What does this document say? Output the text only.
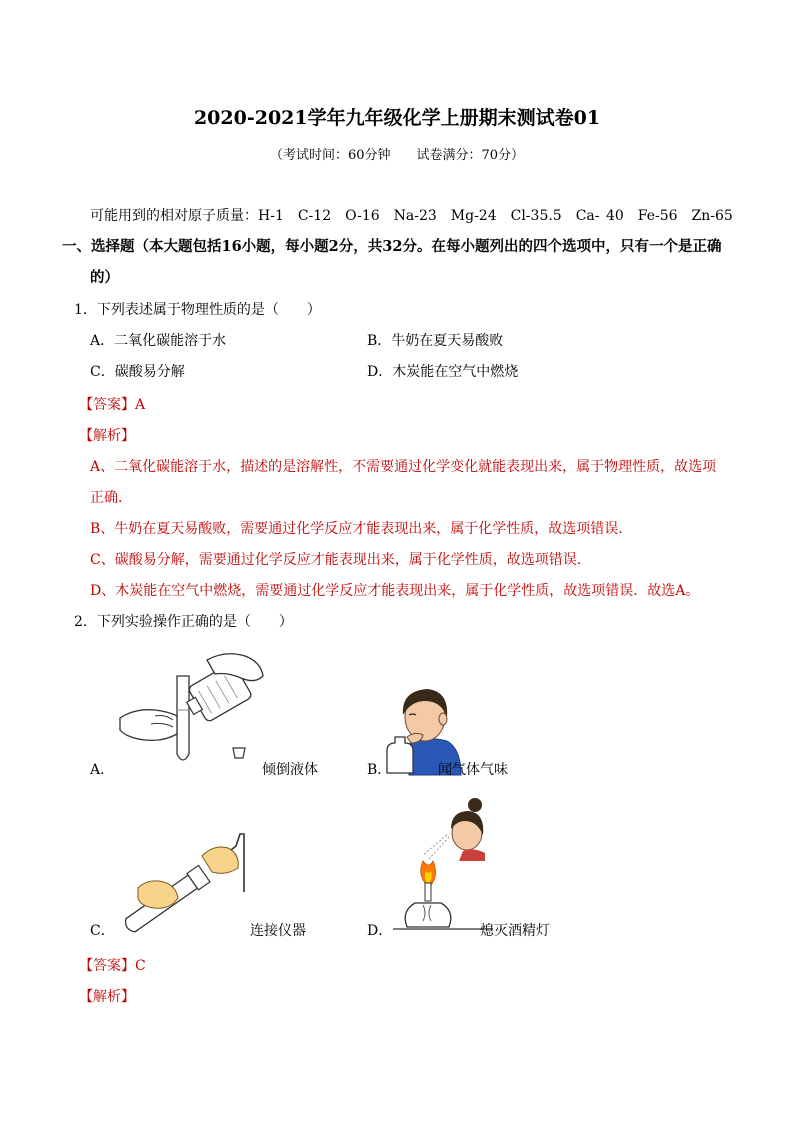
2020-2021学年九年级化学上册期末测试卷01
（考试时间：60分钟　　试卷满分：70分）
可能用到的相对原子质量：H-1　C-12　O-16　Na-23　Mg-24　Cl-35.5　Ca- 40　Fe-56　Zn-65
一、选择题（本大题包括16小题，每小题2分，共32分。在每小题列出的四个选项中，只有一个是正确
的）
1．下列表述属于物理性质的是（　　）
A．二氧化碳能溶于水	B．牛奶在夏天易酸败
C．碳酸易分解	D．木炭能在空气中燃烧
【答案】A
【解析】
A、二氧化碳能溶于水，描述的是溶解性，不需要通过化学变化就能表现出来，属于物理性质，故选项
正确.
B、牛奶在夏天易酸败，需要通过化学反应才能表现出来，属于化学性质，故选项错误.
C、碳酸易分解，需要通过化学反应才能表现出来，属于化学性质，故选项错误.
D、木炭能在空气中燃烧，需要通过化学反应才能表现出来，属于化学性质，故选项错误．故选A。
2．下列实验操作正确的是（　　）
A．	倾倒液体	B．	闻气体气味
C．	连接仪器	D．	熄灭酒精灯
【答案】C
【解析】
